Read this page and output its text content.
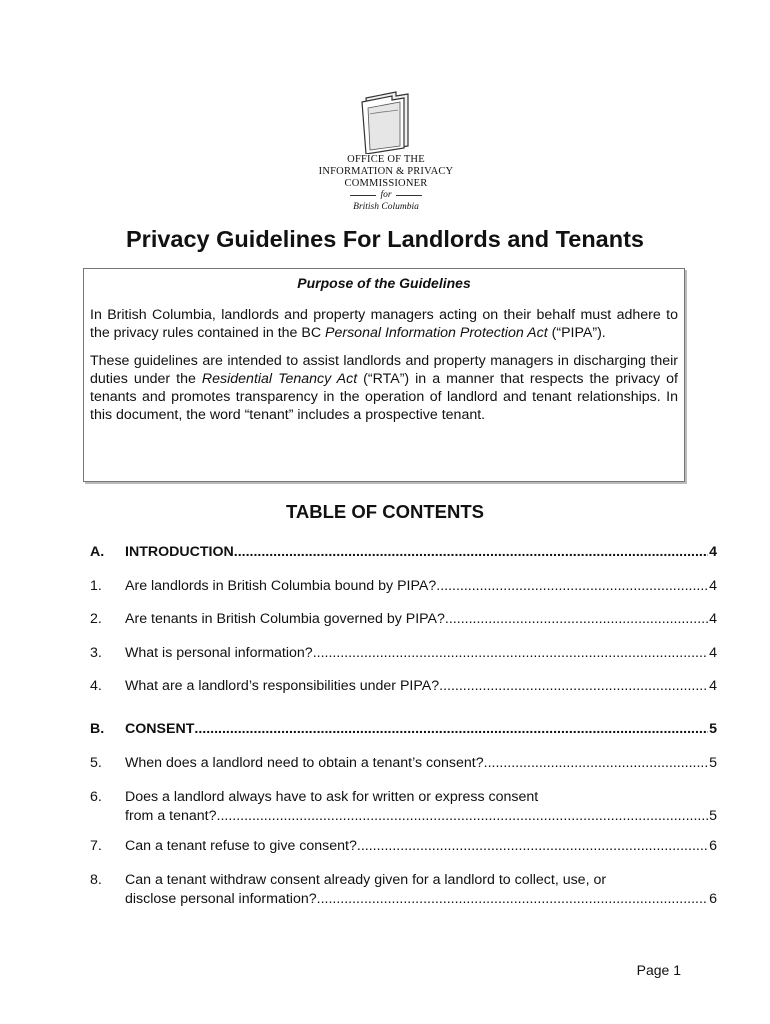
OFFICE OF THE
INFORMATION & PRIVACY
COMMISSIONER
for
British Columbia
Privacy Guidelines For Landlords and Tenants
Purpose of the Guidelines

In British Columbia, landlords and property managers acting on their behalf must adhere to the privacy rules contained in the BC Personal Information Protection Act (“PIPA”).

These guidelines are intended to assist landlords and property managers in discharging their duties under the Residential Tenancy Act (“RTA”) in a manner that respects the privacy of tenants and promotes transparency in the operation of landlord and tenant relationships. In this document, the word “tenant” includes a prospective tenant.

TABLE OF CONTENTS
A. INTRODUCTION .....	4
1. Are landlords in British Columbia bound by PIPA? .....	4
2. Are tenants in British Columbia governed by PIPA? .....	4
3. What is personal information? .....	4
4. What are a landlord’s responsibilities under PIPA? .....	4
B. CONSENT .....	5
5. When does a landlord need to obtain a tenant’s consent? .....	5
6. Does a landlord always have to ask for written or express consent
from a tenant? .....	5
7. Can a tenant refuse to give consent? .....	6
8. Can a tenant withdraw consent already given for a landlord to collect, use, or
disclose personal information? .....	6
Page 1
